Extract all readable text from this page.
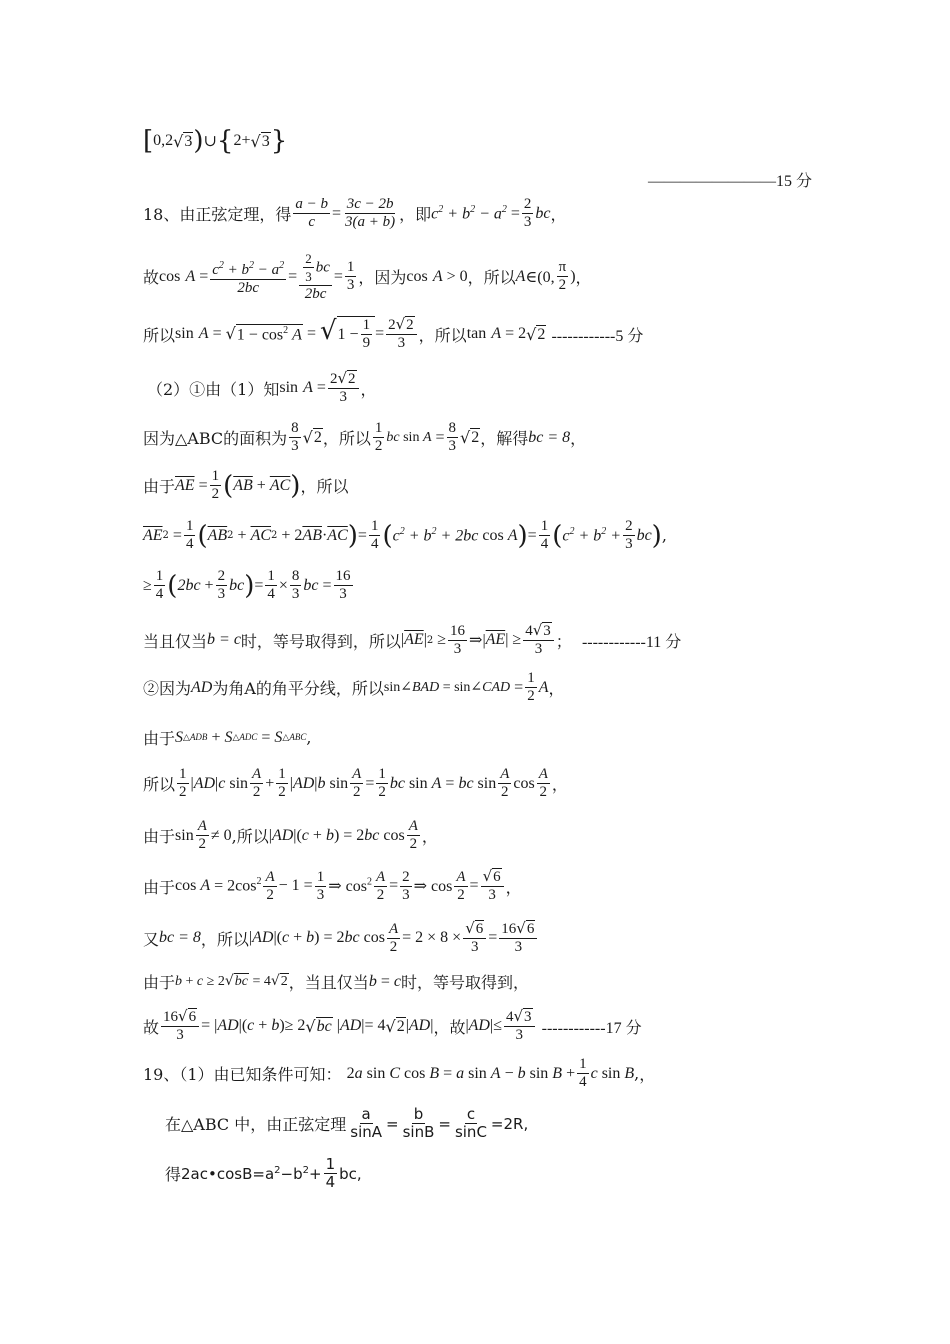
[ 0,2 √ 3 ) ∪ { 2+ √ 3 }
————————15 分
18、由正弦定理，得 $\frac{a - b}{c} = \frac{3c - 2b}{3(a + b)}$ ，即 $c^2 + b^2 - a^2 = \frac{2}{3}$ bc ，
故 cos
$A = \frac{c^2 + b^2 - a^2}{2bc} = \frac{\frac{2}{3} bc}{2bc} = \frac{1}{3}$ ，因为 cos
A > 0 ，所以 A ∈(0, $\frac{\pi}{2}$ ) ，
所以 sin
A = √ $1 - \cos^2 A$ = √ $1 - \frac{1}{9} = \frac{2 √ 2}{3}$ ，所以 tan
A = 2 √ 2
------------5 分
（2）①由（1）知 sin
$A = \frac{2 √ 2}{3}$ ，
因为△ABC的面积为 $\frac{8}{3}$ √ 2 ，所以 $\frac{1}{2}$ bc $\sin A = \frac{8}{3}$ √ 2 ，解得 bc = 8 ，
由于 $\overline{AE} = \frac{1}{2}$ ( $\overline{AB} + \overline{AC}$ ) ，所以
$\overline{AE}$ $2 = \frac{1}{4}$ ( $\overline{AB}$ $2 + \overline{AC}$ 2 + 2 $\overline{AB} \cdot \overline{AC}$ ) = $\frac{1}{4}$ ( $c^2 + b^2 + 2bc$ cos A ) = $\frac{1}{4}$ ( $c^2 + b^2 + \frac{2}{3}$ bc ) ,
≥ $\frac{1}{4}$ ( $2bc + \frac{2}{3}$ bc ) = $\frac{1}{4} \times \frac{8}{3}$ bc = $\frac{16}{3}$
当且仅当 b = c 时，等号取得到，所以 | $\overline{AE}$ | $2 \ge \frac{16}{3}$ ⇒| $\overline{AE}$ | ≥ $\frac{4 √ 3}{3}$ ；
------------11 分
②因为 AD 为角A的角平分线，所以 sin∠ BAD = sin∠ CAD = $\frac{1}{2}$ A ，
由于 S △ADB + S △ADC = S △ABC ,
所以 $\frac{1}{2}$ | AD | c $\sin \frac{A}{2} + \frac{1}{2}$ | AD | b $\sin \frac{A}{2} = \frac{1}{2}$ bc sin A = bc $\sin \frac{A}{2}$ $\cos \frac{A}{2}$ ，
由于 $\sin \frac{A}{2} \ne 0$ ,所以 | AD |( c + b ) = 2 bc $\cos \frac{A}{2}$ ，
由于 $\cos A = 2\cos^2 \frac{A}{2} - 1 = \frac{1}{3}$ ⇒ $\cos^2 \frac{A}{2} = \frac{2}{3}$ ⇒ $\cos \frac{A}{2} = \frac{√ 6}{3}$ ，
又 bc = 8 ，所以 | AD |( c + b ) = 2 bc $\cos \frac{A}{2} = 2 \times 8 \times \frac{√ 6}{3} = \frac{16 √ 6}{3}$
由于 b + c ≥ 2 √ bc = 4 √ 2 ，当且仅当 b = c 时，等号取得到，
故 $\frac{16 √ 6}{3}$ = | AD |( c + b )≥ 2 √ bc | AD |= 4 √ 2 | AD | ，故 | AD |≤ $\frac{4 √ 3}{3}$
------------17 分
19、（1）由已知条件可知：
2 a sin C cos B = a sin A − b $\sin B + \frac{1}{4}$ c sin B , ，
在△ABC 中，由正弦定理 $\frac{a}{\sin A} = \frac{b}{\sin B} = \frac{c}{\sin C} =2R$,
得 $2ac•\cos B=a^2-b^2+ \frac{1}{4}$ bc,
